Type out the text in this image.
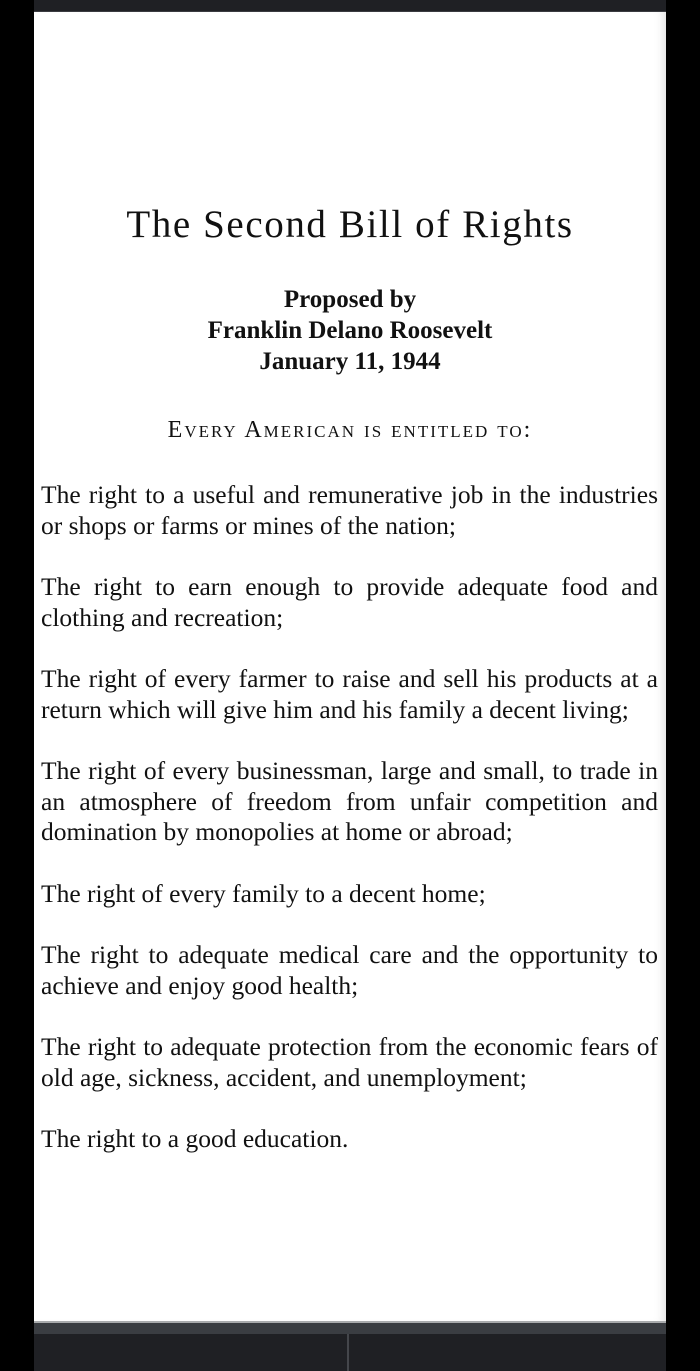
The Second Bill of Rights
Proposed by
Franklin Delano Roosevelt
January 11, 1944
Every American is entitled to:

The right to a useful and remunerative job in the industries or shops or farms or mines of the nation;

The right to earn enough to provide adequate food and clothing and recreation;

The right of every farmer to raise and sell his products at a return which will give him and his family a decent living;

The right of every businessman, large and small, to trade in an atmosphere of freedom from unfair competition and domination by monopolies at home or abroad;

The right of every family to a decent home;

The right to adequate medical care and the opportunity to achieve and enjoy good health;

The right to adequate protection from the economic fears of old age, sickness, accident, and unemployment;

The right to a good education.
